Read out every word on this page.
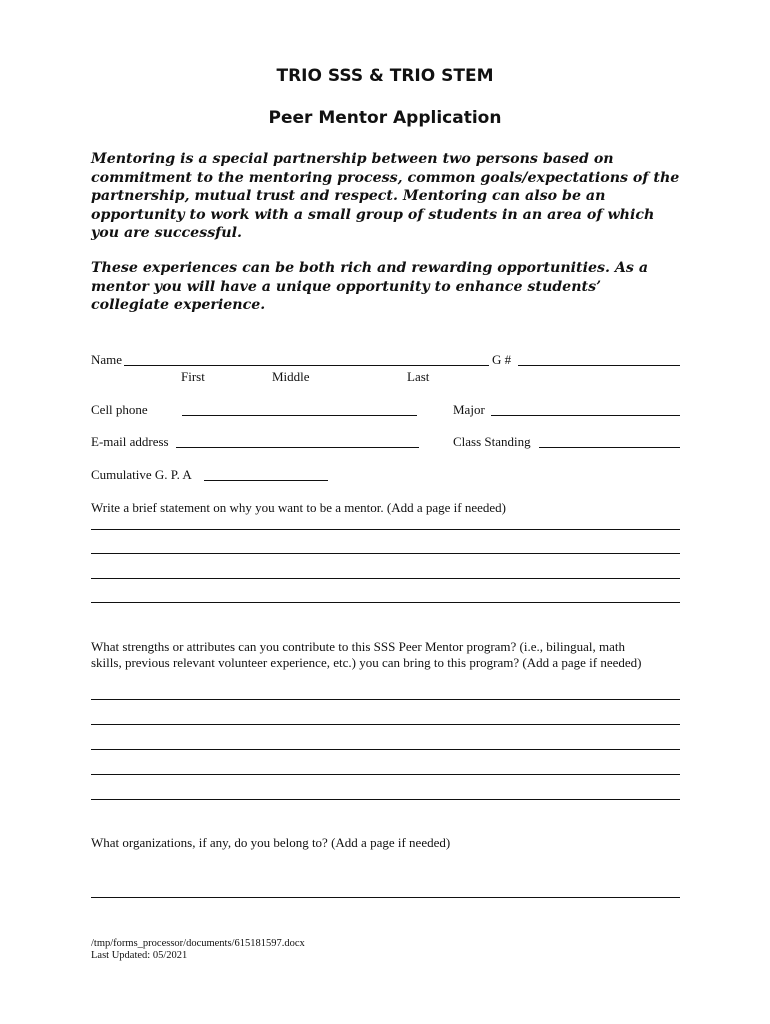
TRIO SSS & TRIO STEM
Peer Mentor Application

Mentoring is a special partnership between two persons based on commitment to the mentoring process, common goals/expectations of the partnership, mutual trust and respect. Mentoring can also be an opportunity to work with a small group of students in an area of which you are successful.

These experiences can be both rich and rewarding opportunities. As a mentor you will have a unique opportunity to enhance students’ collegiate experience.

Name	G #
First	Middle	Last
Cell phone	Major
E-mail address	Class Standing
Cumulative G. P. A
Write a brief statement on why you want to be a mentor. (Add a page if needed)
What strengths or attributes can you contribute to this SSS Peer Mentor program? (i.e., bilingual, math
skills, previous relevant volunteer experience, etc.) you can bring to this program? (Add a page if needed)
What organizations, if any, do you belong to? (Add a page if needed)
/tmp/forms_processor/documents/615181597.docx
Last Updated: 05/2021
